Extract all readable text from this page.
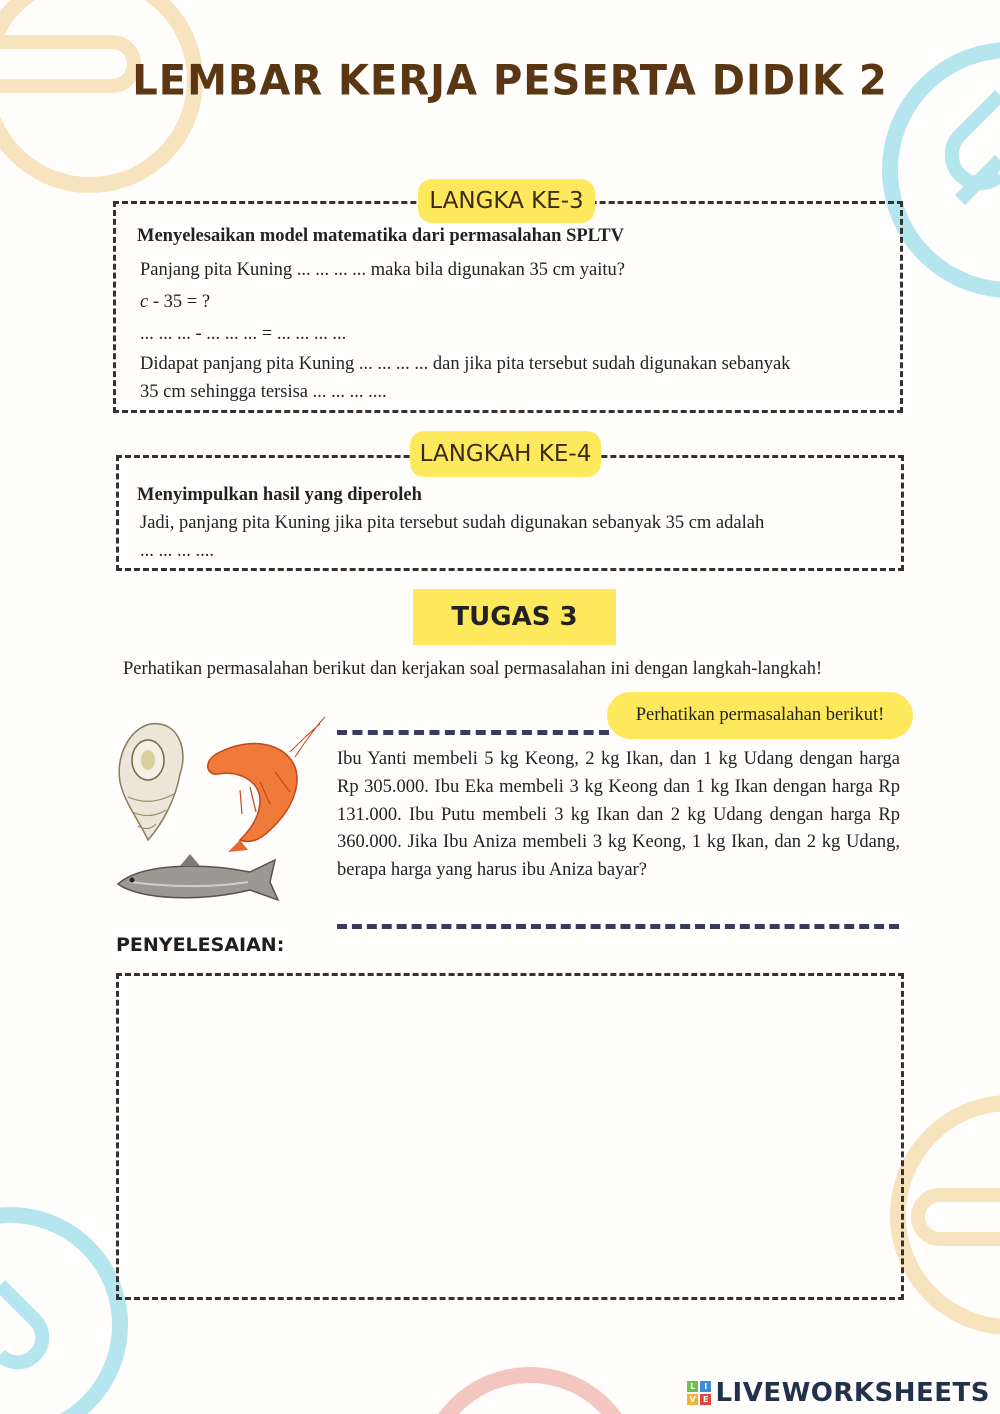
LEMBAR KERJA PESERTA DIDIK 2
LANGKA KE-3
Menyelesaikan model matematika dari permasalahan SPLTV
Panjang pita Kuning ... ... ... ... maka bila digunakan 35 cm yaitu?
c - 35 = ?
... ... ... - ... ... ... = ... ... ... ...
Didapat panjang pita Kuning ... ... ... ... dan jika pita tersebut sudah digunakan sebanyak
35 cm sehingga tersisa ... ... ... ....
LANGKAH KE-4
Menyimpulkan hasil yang diperoleh
Jadi, panjang pita Kuning jika pita tersebut sudah digunakan sebanyak 35 cm adalah
... ... ... ....
TUGAS 3
Perhatikan permasalahan berikut dan kerjakan soal permasalahan ini dengan langkah-langkah!
Perhatikan permasalahan berikut!
Ibu Yanti membeli 5 kg Keong, 2 kg Ikan, dan 1 kg Udang dengan harga Rp 305.000. Ibu Eka membeli 3 kg Keong dan 1 kg Ikan dengan harga Rp 131.000. Ibu Putu membeli 3 kg Ikan dan 2 kg Udang dengan harga Rp 360.000. Jika Ibu Aniza membeli 3 kg Keong, 1 kg Ikan, dan 2 kg Udang, berapa harga yang harus ibu Aniza bayar?
PENYELESAIAN:
L	I
V E LIVEWORKSHEETS
